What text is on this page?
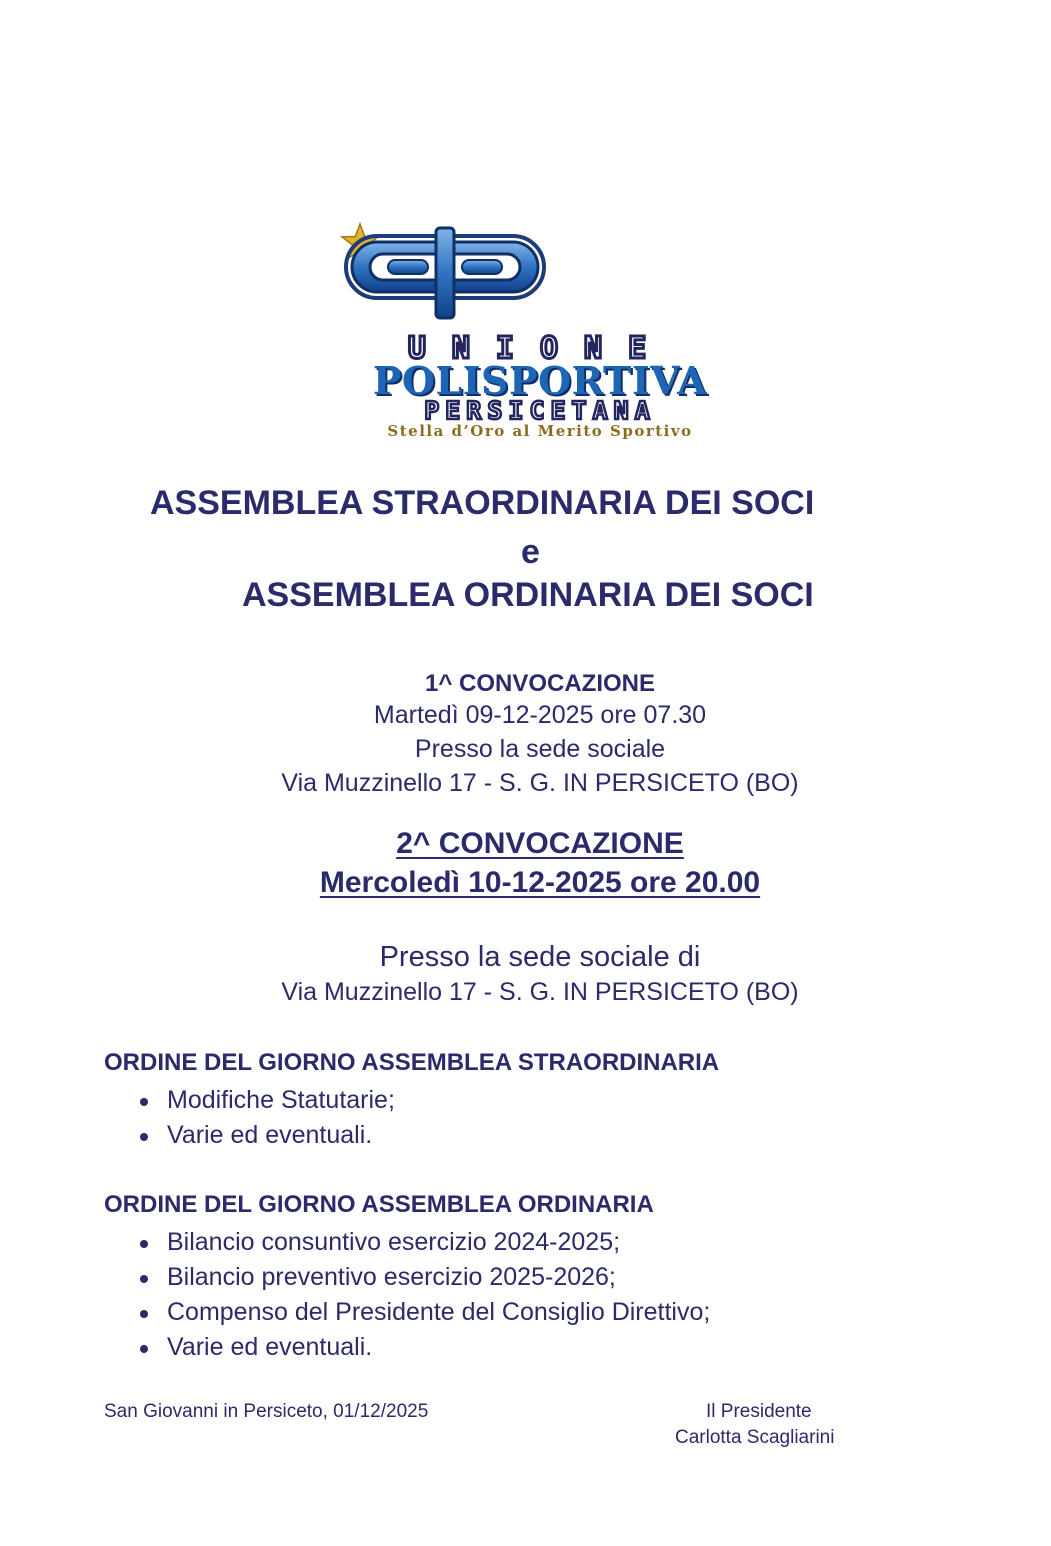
UNIONE
POLISPORTIVA
PERSICETANA
Stella d’Oro al Merito Sportivo
ASSEMBLEA STRAORDINARIA DEI SOCI
e
ASSEMBLEA ORDINARIA DEI SOCI
1^ CONVOCAZIONE
Martedì 09-12-2025 ore 07.30
Presso la sede sociale
Via Muzzinello 17 - S. G. IN PERSICETO (BO)
2^ CONVOCAZIONE
Mercoledì 10-12-2025 ore 20.00
Presso la sede sociale di
Via Muzzinello 17 - S. G. IN PERSICETO (BO)
ORDINE DEL GIORNO ASSEMBLEA STRAORDINARIA
Modifiche Statutarie;
Varie ed eventuali.
ORDINE DEL GIORNO ASSEMBLEA ORDINARIA
Bilancio consuntivo esercizio 2024-2025;
Bilancio preventivo esercizio 2025-2026;
Compenso del Presidente del Consiglio Direttivo;
Varie ed eventuali.
San Giovanni in Persiceto, 01/12/2025	Il Presidente
Carlotta Scagliarini
